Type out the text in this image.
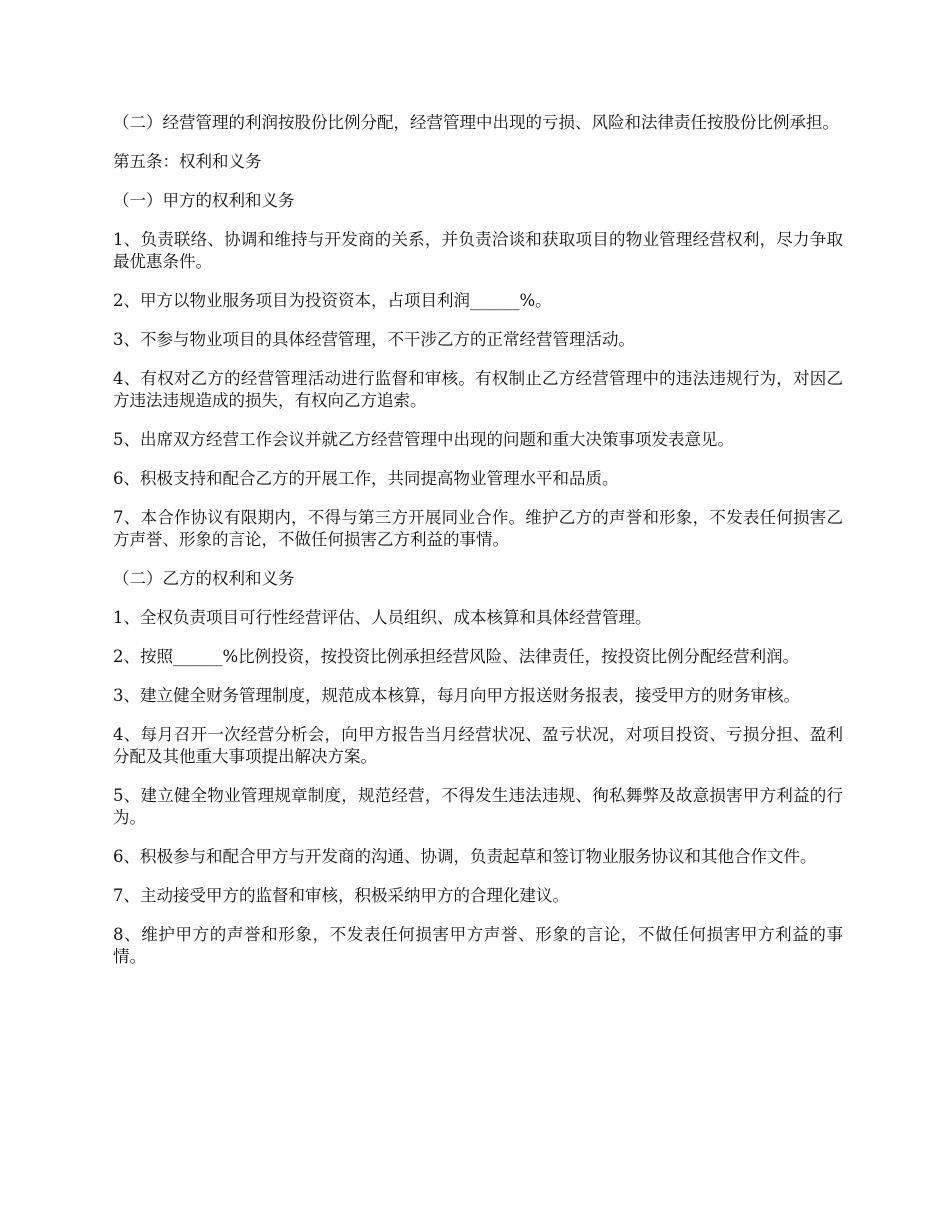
（二）经营管理的利润按股份比例分配，经营管理中出现的亏损、风险和法律责任按股份比例承担。

第五条：权利和义务

（一）甲方的权利和义务

1、负责联络、协调和维持与开发商的关系，并负责洽谈和获取项目的物业管理经营权利，尽力争取最优惠条件。

2、甲方以物业服务项目为投资资本，占项目利润______%。

3、不参与物业项目的具体经营管理，不干涉乙方的正常经营管理活动。

4、有权对乙方的经营管理活动进行监督和审核。有权制止乙方经营管理中的违法违规行为，对因乙方违法违规造成的损失，有权向乙方追索。

5、出席双方经营工作会议并就乙方经营管理中出现的问题和重大决策事项发表意见。

6、积极支持和配合乙方的开展工作，共同提高物业管理水平和品质。

7、本合作协议有限期内，不得与第三方开展同业合作。维护乙方的声誉和形象，不发表任何损害乙方声誉、形象的言论，不做任何损害乙方利益的事情。

（二）乙方的权利和义务

1、全权负责项目可行性经营评估、人员组织、成本核算和具体经营管理。

2、按照______%比例投资，按投资比例承担经营风险、法律责任，按投资比例分配经营利润。

3、建立健全财务管理制度，规范成本核算，每月向甲方报送财务报表，接受甲方的财务审核。

4、每月召开一次经营分析会，向甲方报告当月经营状况、盈亏状况，对项目投资、亏损分担、盈利分配及其他重大事项提出解决方案。

5、建立健全物业管理规章制度，规范经营，不得发生违法违规、徇私舞弊及故意损害甲方利益的行为。

6、积极参与和配合甲方与开发商的沟通、协调，负责起草和签订物业服务协议和其他合作文件。

7、主动接受甲方的监督和审核，积极采纳甲方的合理化建议。

8、维护甲方的声誉和形象，不发表任何损害甲方声誉、形象的言论，不做任何损害甲方利益的事情。
